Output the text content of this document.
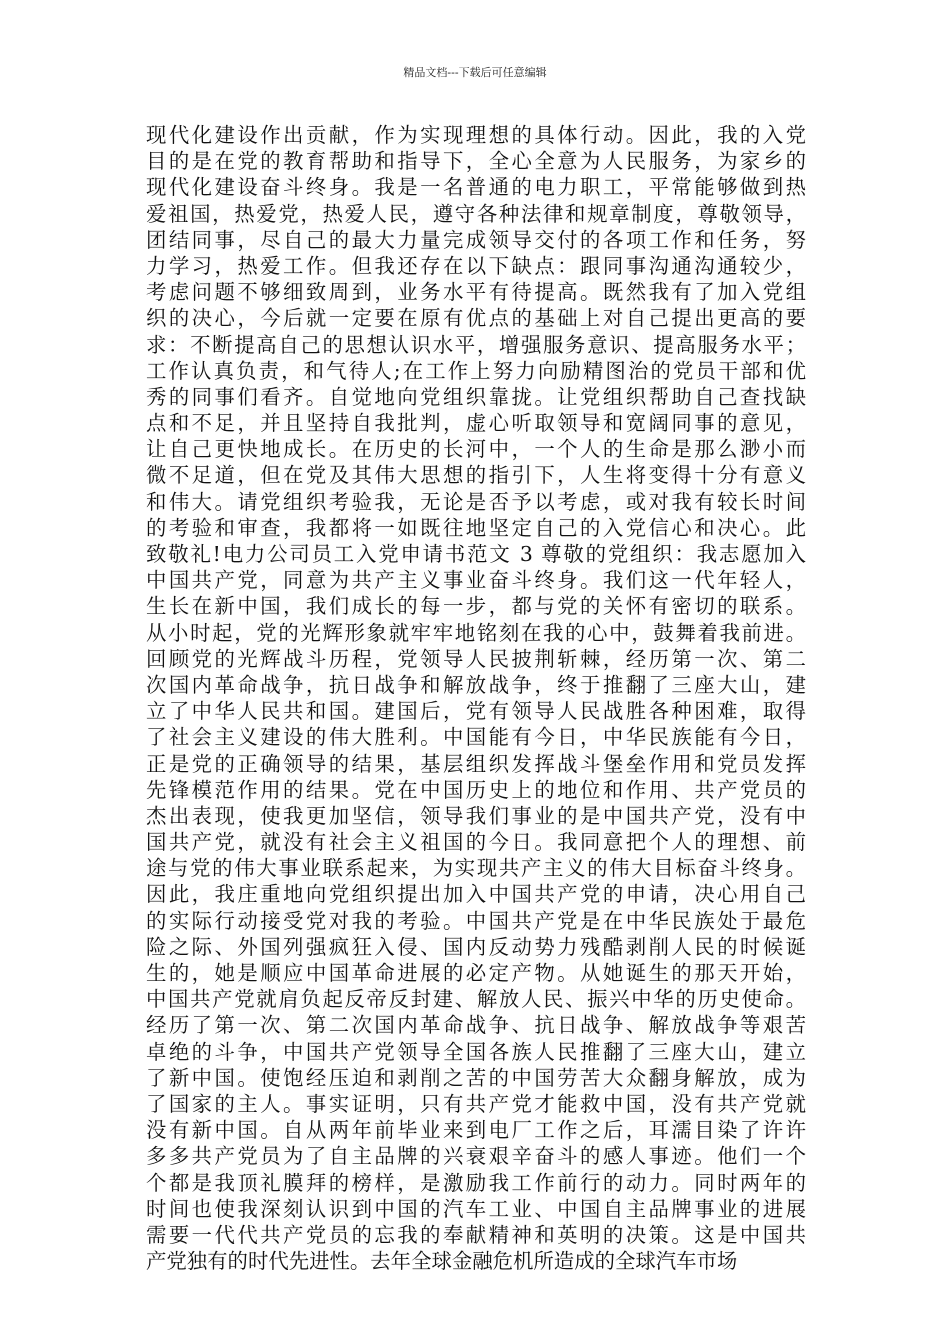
精品文档---下载后可任意编辑
现代化建设作出贡献，作为实现理想的具体行动。因此，我的入党
目的是在党的教育帮助和指导下，全心全意为人民服务，为家乡的
现代化建设奋斗终身。我是一名普通的电力职工，平常能够做到热
爱祖国，热爱党，热爱人民，遵守各种法律和规章制度，尊敬领导，
团结同事，尽自己的最大力量完成领导交付的各项工作和任务，努
力学习，热爱工作。但我还存在以下缺点：跟同事沟通沟通较少，
考虑问题不够细致周到，业务水平有待提高。既然我有了加入党组
织的决心，今后就一定要在原有优点的基础上对自己提出更高的要
求：不断提高自己的思想认识水平，增强服务意识、提高服务水平；
工作认真负责，和气待人;在工作上努力向励精图治的党员干部和优
秀的同事们看齐。自觉地向党组织靠拢。让党组织帮助自己查找缺
点和不足，并且坚持自我批判，虚心听取领导和宽阔同事的意见，
让自己更快地成长。在历史的长河中，一个人的生命是那么渺小而
微不足道，但在党及其伟大思想的指引下，人生将变得十分有意义
和伟大。请党组织考验我，无论是否予以考虑，或对我有较长时间
的考验和审查，我都将一如既往地坚定自己的入党信心和决心。此
致敬礼!电力公司员工入党申请书范文 3 尊敬的党组织：我志愿加入
中国共产党，同意为共产主义事业奋斗终身。我们这一代年轻人，
生长在新中国，我们成长的每一步，都与党的关怀有密切的联系。
从小时起，党的光辉形象就牢牢地铭刻在我的心中，鼓舞着我前进。
回顾党的光辉战斗历程，党领导人民披荆斩棘，经历第一次、第二
次国内革命战争，抗日战争和解放战争，终于推翻了三座大山，建
立了中华人民共和国。建国后，党有领导人民战胜各种困难，取得
了社会主义建设的伟大胜利。中国能有今日，中华民族能有今日，
正是党的正确领导的结果，基层组织发挥战斗堡垒作用和党员发挥
先锋模范作用的结果。党在中国历史上的地位和作用、共产党员的
杰出表现，使我更加坚信，领导我们事业的是中国共产党，没有中
国共产党，就没有社会主义祖国的今日。我同意把个人的理想、前
途与党的伟大事业联系起来，为实现共产主义的伟大目标奋斗终身。
因此，我庄重地向党组织提出加入中国共产党的申请，决心用自己
的实际行动接受党对我的考验。中国共产党是在中华民族处于最危
险之际、外国列强疯狂入侵、国内反动势力残酷剥削人民的时候诞
生的，她是顺应中国革命进展的必定产物。从她诞生的那天开始，
中国共产党就肩负起反帝反封建、解放人民、振兴中华的历史使命。
经历了第一次、第二次国内革命战争、抗日战争、解放战争等艰苦
卓绝的斗争，中国共产党领导全国各族人民推翻了三座大山，建立
了新中国。使饱经压迫和剥削之苦的中国劳苦大众翻身解放，成为
了国家的主人。事实证明，只有共产党才能救中国，没有共产党就
没有新中国。自从两年前毕业来到电厂工作之后，耳濡目染了许许
多多共产党员为了自主品牌的兴衰艰辛奋斗的感人事迹。他们一个
个都是我顶礼膜拜的榜样，是激励我工作前行的动力。同时两年的
时间也使我深刻认识到中国的汽车工业、中国自主品牌事业的进展
需要一代代共产党员的忘我的奉献精神和英明的决策。这是中国共
产党独有的时代先进性。去年全球金融危机所造成的全球汽车市场
